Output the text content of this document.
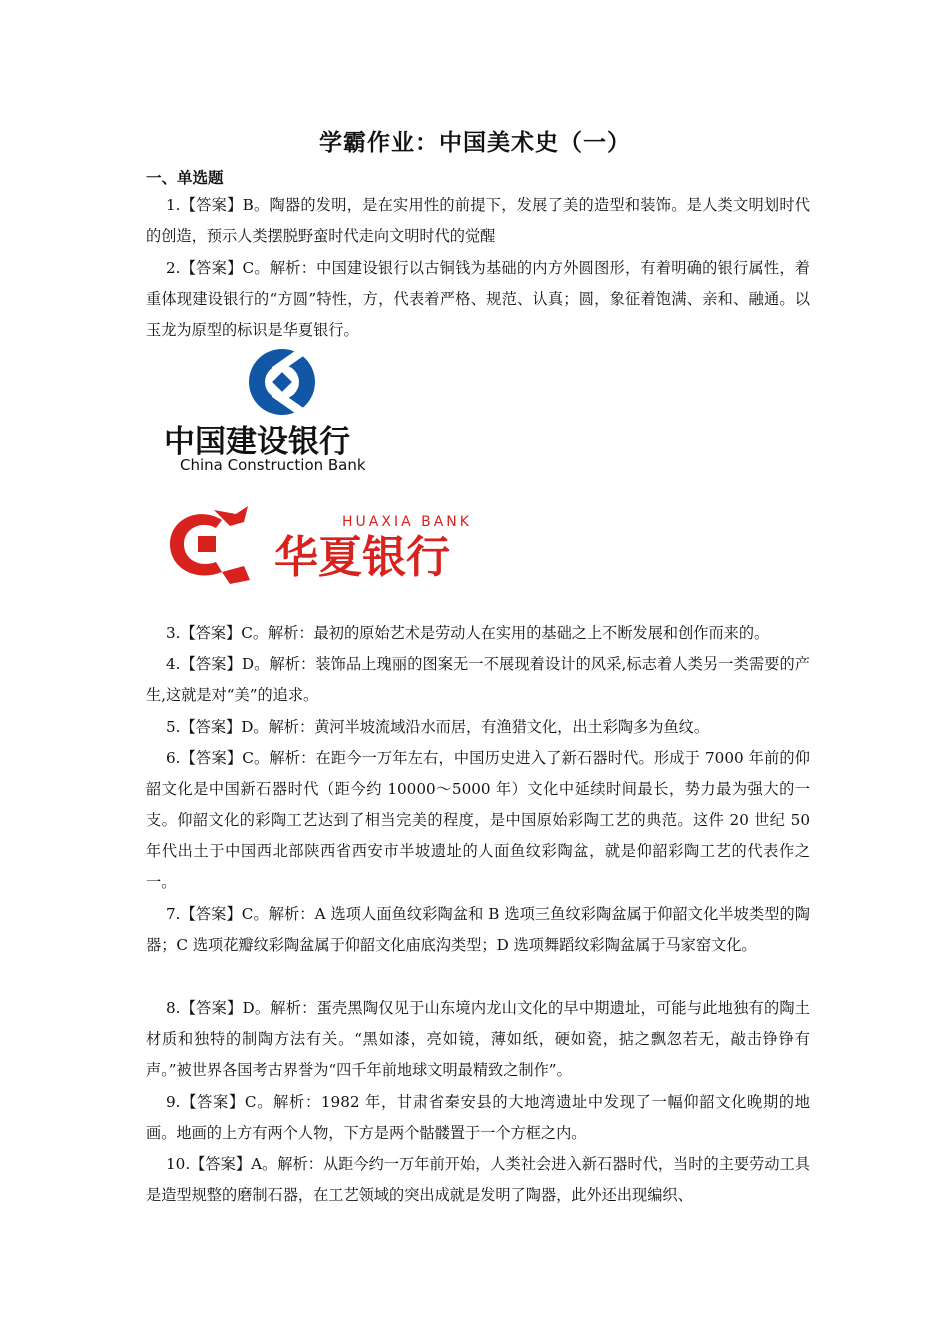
学霸作业：中国美术史（一）
一、单选题

1.【答案】B。陶器的发明，是在实用性的前提下，发展了美的造型和装饰。是人类文明划时代的创造，预示人类摆脱野蛮时代走向文明时代的觉醒

2.【答案】C。解析：中国建设银行以古铜钱为基础的内方外圆图形，有着明确的银行属性，着重体现建设银行的“方圆”特性，方，代表着严格、规范、认真；圆，象征着饱满、亲和、融通。以玉龙为原型的标识是华夏银行。

中国建设银行
China Construction Bank
HUAXIA BANK
华夏银行

3.【答案】C。解析：最初的原始艺术是劳动人在实用的基础之上不断发展和创作而来的。

4.【答案】D。解析：装饰品上瑰丽的图案无一不展现着设计的风采,标志着人类另一类需要的产生,这就是对“美”的追求。

5.【答案】D。解析：黄河半坡流域沿水而居，有渔猎文化，出土彩陶多为鱼纹。

6.【答案】C。解析：在距今一万年左右，中国历史进入了新石器时代。形成于 7000 年前的仰韶文化是中国新石器时代（距今约 10000～5000 年）文化中延续时间最长，势力最为强大的一支。仰韶文化的彩陶工艺达到了相当完美的程度，是中国原始彩陶工艺的典范。这件 20 世纪 50 年代出土于中国西北部陕西省西安市半坡遗址的人面鱼纹彩陶盆，就是仰韶彩陶工艺的代表作之一。

7.【答案】C。解析：A 选项人面鱼纹彩陶盆和 B 选项三鱼纹彩陶盆属于仰韶文化半坡类型的陶器；C 选项花瓣纹彩陶盆属于仰韶文化庙底沟类型；D 选项舞蹈纹彩陶盆属于马家窑文化。

8.【答案】D。解析：蛋壳黑陶仅见于山东境内龙山文化的早中期遗址，可能与此地独有的陶土材质和独特的制陶方法有关。“黑如漆，亮如镜，薄如纸，硬如瓷，掂之飘忽若无，敲击铮铮有声。”被世界各国考古界誉为“四千年前地球文明最精致之制作”。

9.【答案】C。解析：1982 年，甘肃省秦安县的大地湾遗址中发现了一幅仰韶文化晚期的地画。地画的上方有两个人物，下方是两个骷髅置于一个方框之内。

10.【答案】A。解析：从距今约一万年前开始，人类社会进入新石器时代，当时的主要劳动工具是造型规整的磨制石器，在工艺领域的突出成就是发明了陶器，此外还出现编织、
